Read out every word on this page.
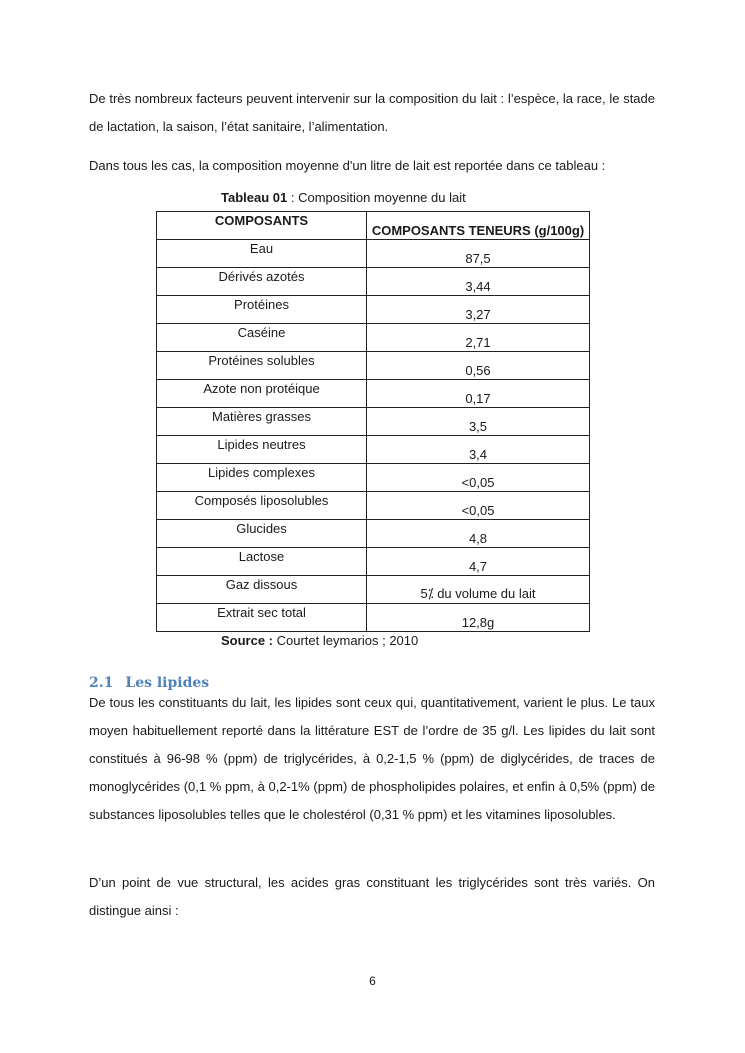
De très nombreux facteurs peuvent intervenir sur la composition du lait : l’espèce, la race, le stade de lactation, la saison, l’état sanitaire, l’alimentation.

Dans tous les cas, la composition moyenne d'un litre de lait est reportée dans ce tableau :

Tableau 01 : Composition moyenne du lait
COMPOSANTS	COMPOSANTS TENEURS (g/100g)
Eau	87,5
Dérivés azotés	3,44
Protéines	3,27
Caséine	2,71
Protéines solubles	0,56
Azote non protéique	0,17
Matières grasses	3,5
Lipides neutres	3,4
Lipides complexes	<0,05
Composés liposolubles	<0,05
Glucides	4,8
Lactose	4,7
Gaz dissous	5⁒ du volume du lait
Extrait sec total	12,8g
Source : Courtet leymarios ; 2010
2.1 Les lipides

De tous les constituants du lait, les lipides sont ceux qui, quantitativement, varient le plus. Le taux moyen habituellement reporté dans la littérature EST de l’ordre de 35 g/l. Les lipides du lait sont constitués à 96-98 % (ppm) de triglycérides, à 0,2-1,5 % (ppm) de diglycérides, de traces de monoglycérides (0,1 % ppm, à 0,2-1% (ppm) de phospholipides polaires, et enfin à 0,5% (ppm) de substances liposolubles telles que le cholestérol (0,31 % ppm) et les vitamines liposolubles.

D’un point de vue structural, les acides gras constituant les triglycérides sont très variés. On distingue ainsi :

6
